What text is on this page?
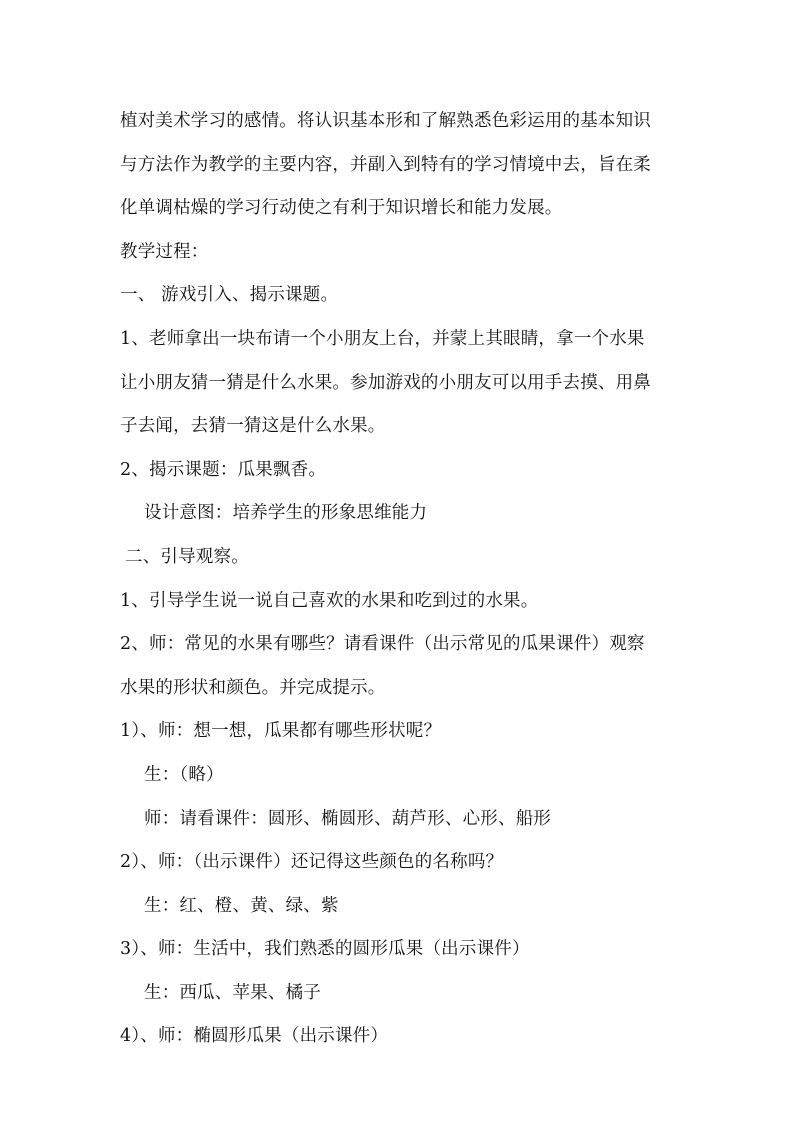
植对美术学习的感情。将认识基本形和了解熟悉色彩运用的基本知识
与方法作为教学的主要内容，并副入到特有的学习情境中去，旨在柔
化单调枯燥的学习行动使之有利于知识增长和能力发展。
教学过程：
一、 游戏引入、揭示课题。
1、老师拿出一块布请一个小朋友上台，并蒙上其眼睛，拿一个水果
让小朋友猜一猜是什么水果。参加游戏的小朋友可以用手去摸、用鼻
子去闻，去猜一猜这是什么水果。
2、揭示课题：瓜果飘香。
设计意图：培养学生的形象思维能力
二、引导观察。
1、引导学生说一说自己喜欢的水果和吃到过的水果。
2、师：常见的水果有哪些？请看课件（出示常见的瓜果课件）观察
水果的形状和颜色。并完成提示。
1）、师：想一想，瓜果都有哪些形状呢？
生：（略）
师：请看课件：圆形、椭圆形、葫芦形、心形、船形
2）、师：（出示课件）还记得这些颜色的名称吗？
生：红、橙、黄、绿、紫
3）、师：生活中，我们熟悉的圆形瓜果（出示课件）
生：西瓜、苹果、橘子
4）、师：椭圆形瓜果（出示课件）
